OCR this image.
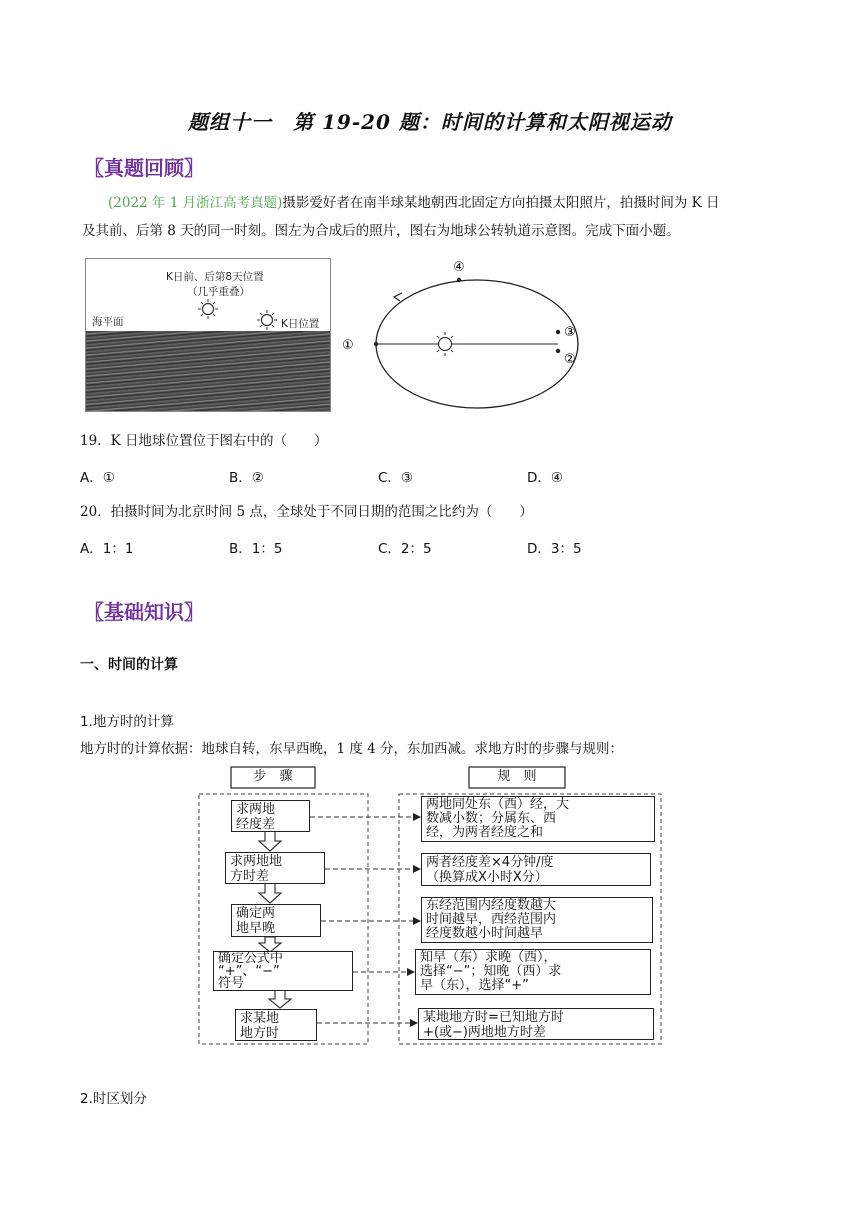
题组十一　第 19-20 题：时间的计算和太阳视运动
〖真题回顾〗
(2022 年 1 月浙江高考真题)摄影爱好者在南半球某地朝西北固定方向拍摄太阳照片，拍摄时间为 K 日
及其前、后第 8 天的同一时刻。图左为合成后的照片，图右为地球公转轨道示意图。完成下面小题。
K日前、后第8天位置
（几乎重叠）
海平面	K日位置
①
②
③
④
19．K 日地球位置位于图右中的（　　）
A．①	B．②	C．③	D．④
20．拍摄时间为北京时间 5 点，全球处于不同日期的范围之比约为（　　）
A．1：1	B．1：5	C．2：5	D．3：5
〖基础知识〗
一、时间的计算
1.地方时的计算
地方时的计算依据：地球自转，东早西晚，1 度 4 分，东加西减。求地方时的步骤与规则：
步　骤	规　则
求两地
经度差
求两地地
方时差
确定两
地早晚
确定公式中
“+”、“−”
符号
求某地
地方时
两地同处东（西）经，大
数减小数；分属东、西
经，为两者经度之和
两者经度差×4分钟/度
（换算成X小时X分）
东经范围内经度数越大
时间越早，西经范围内
经度数越小时间越早
知早（东）求晚（西），
选择“−”；知晚（西）求
早（东），选择“+”
某地地方时=已知地方时
+(或−)两地地方时差
2.时区划分
